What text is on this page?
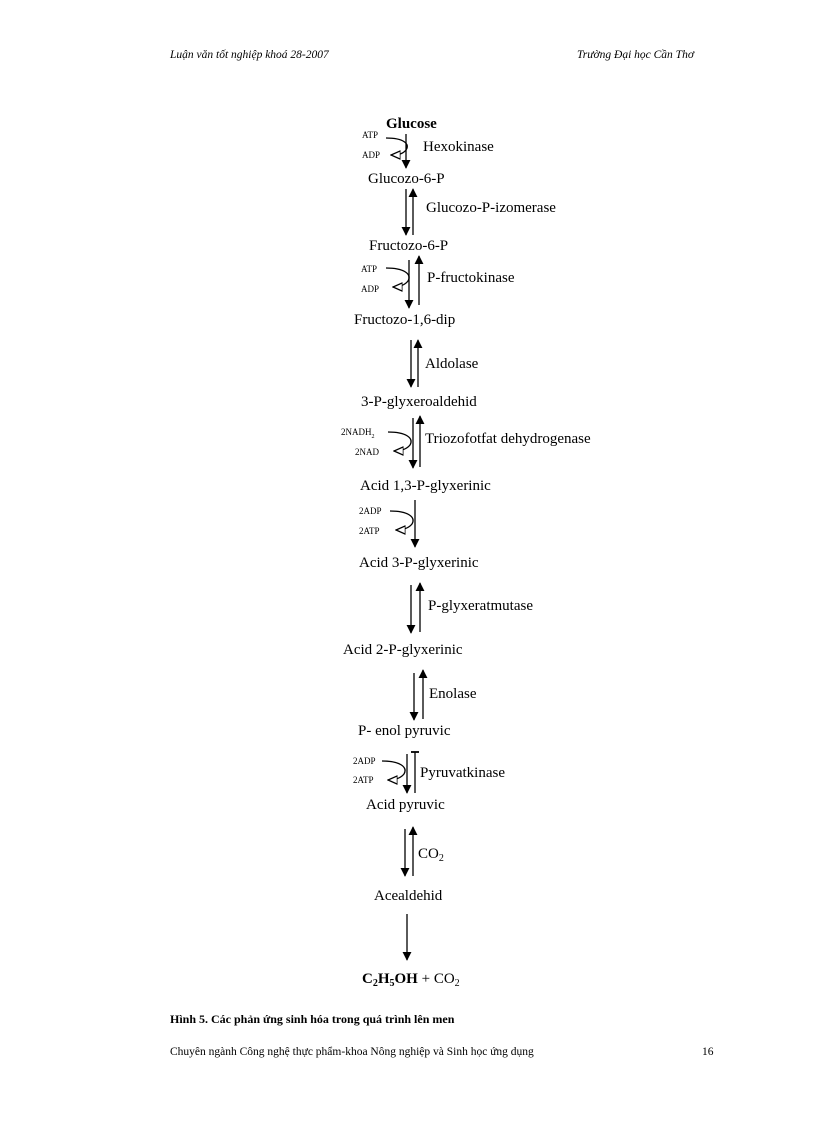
Luận văn tốt nghiệp khoá 28-2007	Trường Đại học Cần Thơ
Glucose
Glucozo-6-P
Fructozo-6-P
Fructozo-1,6-dip
3-P-glyxeroaldehid
Acid 1,3-P-glyxerinic
Acid 3-P-glyxerinic
Acid 2-P-glyxerinic
P- enol pyruvic
Acid pyruvic
Acealdehid
$C_2H_5OH + CO_2$
Hexokinase
Glucozo-P-izomerase
P-fructokinase
Aldolase
Triozofotfat dehydrogenase
P-glyxeratmutase
Enolase
Pyruvatkinase
$CO_2$
ATP
ADP
ATP
ADP
$2NADH_2$
2NAD
2ADP
2ATP
2ADP
2ATP
Hình 5. Các phản ứng sinh hóa trong quá trình lên men
Chuyên ngành Công nghệ thực phẩm-khoa Nông nghiệp và Sinh học ứng dụng	16
